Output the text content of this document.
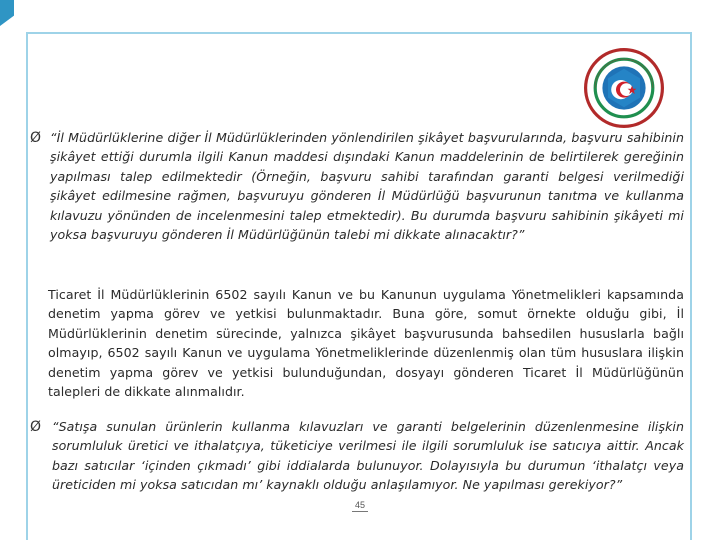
Ø “İl Müdürlüklerine diğer İl Müdürlüklerinden yönlendirilen şikâyet başvurularında, başvuru sahibinin şikâyet ettiği durumla ilgili Kanun maddesi dışındaki Kanun maddelerinin de belirtilerek gereğinin yapılması talep edilmektedir (Örneğin, başvuru sahibi tarafından garanti belgesi verilmediği şikâyet edilmesine rağmen, başvuruyu gönderen İl Müdürlüğü başvurunun tanıtma ve kullanma kılavuzu yönünden de incelenmesini talep etmektedir). Bu durumda başvuru sahibinin şikâyeti mi yoksa başvuruyu gönderen İl Müdürlüğünün talebi mi dikkate alınacaktır?”

Ticaret İl Müdürlüklerinin 6502 sayılı Kanun ve bu Kanunun uygulama Yönetmelikleri kapsamında denetim yapma görev ve yetkisi bulunmaktadır. Buna göre, somut örnekte olduğu gibi, İl Müdürlüklerinin denetim sürecinde, yalnızca şikâyet başvurusunda bahsedilen hususlarla bağlı olmayıp, 6502 sayılı Kanun ve uygulama Yönetmeliklerinde düzenlenmiş olan tüm hususlara ilişkin denetim yapma görev ve yetkisi bulunduğundan, dosyayı gönderen Ticaret İl Müdürlüğünün talepleri de dikkate alınmalıdır.

Ø “Satışa sunulan ürünlerin kullanma kılavuzları ve garanti belgelerinin düzenlenmesine ilişkin sorumluluk üretici ve ithalatçıya, tüketiciye verilmesi ile ilgili sorumluluk ise satıcıya aittir. Ancak bazı satıcılar ‘içinden çıkmadı’ gibi iddialarda bulunuyor. Dolayısıyla bu durumun ‘ithalatçı veya üreticiden mi yoksa satıcıdan mı’ kaynaklı olduğu anlaşılamıyor. Ne yapılması gerekiyor?”

45
